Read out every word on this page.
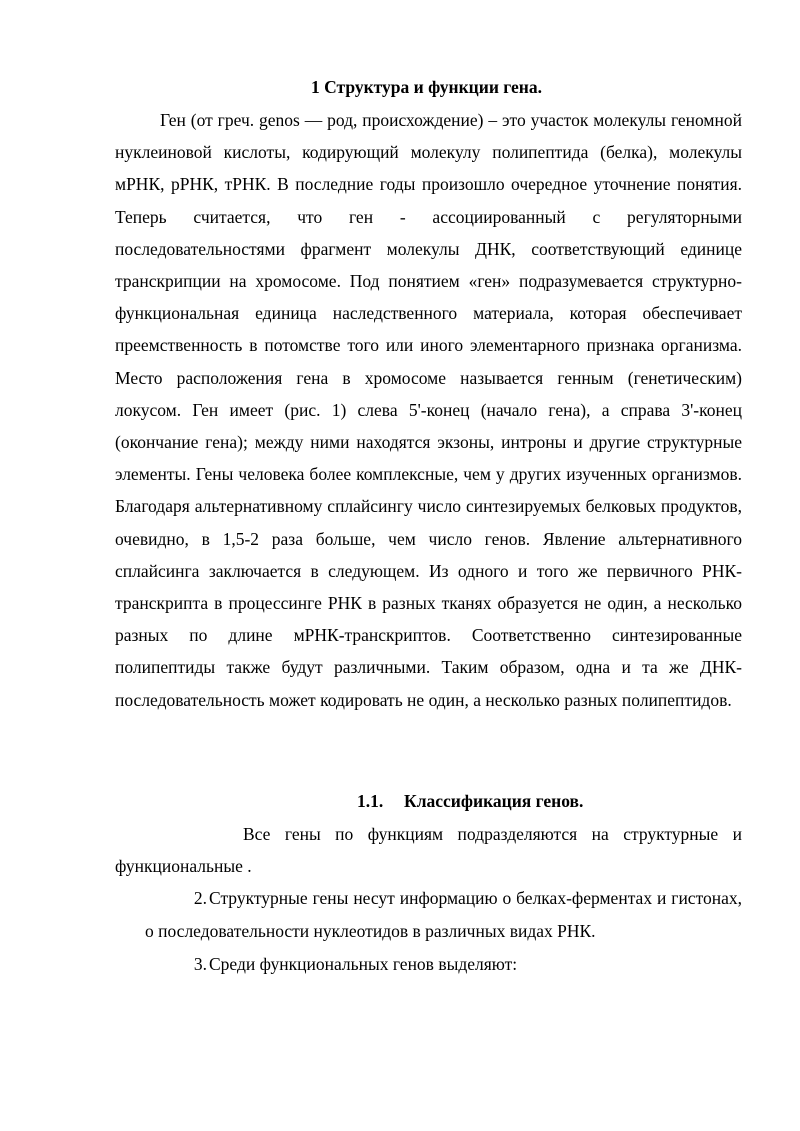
1 Структура и функции гена.

Ген (от греч. genos — род, происхождение) – это участок молекулы геномной нуклеиновой кислоты, кодирующий молекулу полипептида (белка), молекулы мРНК, рРНК, тРНК. В последние годы произошло очередное уточнение понятия. Теперь считается, что ген - ассоциированный с регуляторными последовательностями фрагмент молекулы ДНК, соответствующий единице транскрипции на хромосоме. Под понятием «ген» подразумевается структурно-функциональная единица наследственного материала, которая обеспечивает преемственность в потомстве того или иного элементарного признака организма. Место расположения гена в хромосоме называется генным (генетическим) локусом. Ген имеет (рис. 1) слева 5'-конец (начало гена), а справа 3'-конец (окончание гена); между ними находятся экзоны, интроны и другие структурные элементы. Гены человека более комплексные, чем у других изученных организмов. Благодаря альтернативному сплайсингу число синтезируемых белковых продуктов, очевидно, в 1,5-2 раза больше, чем число генов. Явление альтернативного сплайсинга заключается в следующем. Из одного и того же первичного РНК-транскрипта в процессинге РНК в разных тканях образуется не один, а несколько разных по длине мРНК-транскриптов. Соответственно синтезированные полипептиды также будут различными. Таким образом, одна и та же ДНК-последовательность может кодировать не один, а несколько разных полипептидов.

1.1. Классификация генов.

Все гены по функциям подразделяются на структурные и функциональные .

2. Структурные гены несут информацию о белках-ферментах и гистонах, о последовательности нуклеотидов в различных видах РНК.

3. Среди функциональных генов выделяют:
